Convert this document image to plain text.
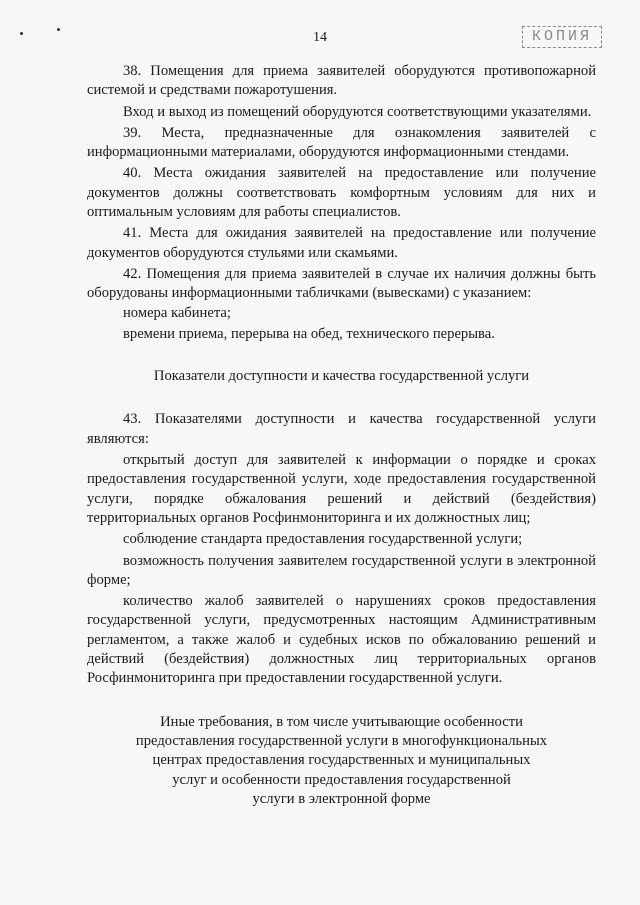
14	КОПИЯ

38. Помещения для приема заявителей оборудуются противопожарной системой и средствами пожаротушения.

Вход и выход из помещений оборудуются соответствующими указателями.

39. Места, предназначенные для ознакомления заявителей с информационными материалами, оборудуются информационными стендами.

40. Места ожидания заявителей на предоставление или получение документов должны соответствовать комфортным условиям для них и оптимальным условиям для работы специалистов.

41. Места для ожидания заявителей на предоставление или получение документов оборудуются стульями или скамьями.

42. Помещения для приема заявителей в случае их наличия должны быть оборудованы информационными табличками (вывесками) с указанием:

номера кабинета;

времени приема, перерыва на обед, технического перерыва.

Показатели доступности и качества государственной услуги

43. Показателями доступности и качества государственной услуги являются:

открытый доступ для заявителей к информации о порядке и сроках предоставления государственной услуги, ходе предоставления государственной услуги, порядке обжалования решений и действий (бездействия) территориальных органов Росфинмониторинга и их должностных лиц;

соблюдение стандарта предоставления государственной услуги;

возможность получения заявителем государственной услуги в электронной форме;

количество жалоб заявителей о нарушениях сроков предоставления государственной услуги, предусмотренных настоящим Административным регламентом, а также жалоб и судебных исков по обжалованию решений и действий (бездействия) должностных лиц территориальных органов Росфинмониторинга при предоставлении государственной услуги.

Иные требования, в том числе учитывающие особенности
предоставления государственной услуги в многофункциональных
центрах предоставления государственных и муниципальных
услуг и особенности предоставления государственной
услуги в электронной форме
